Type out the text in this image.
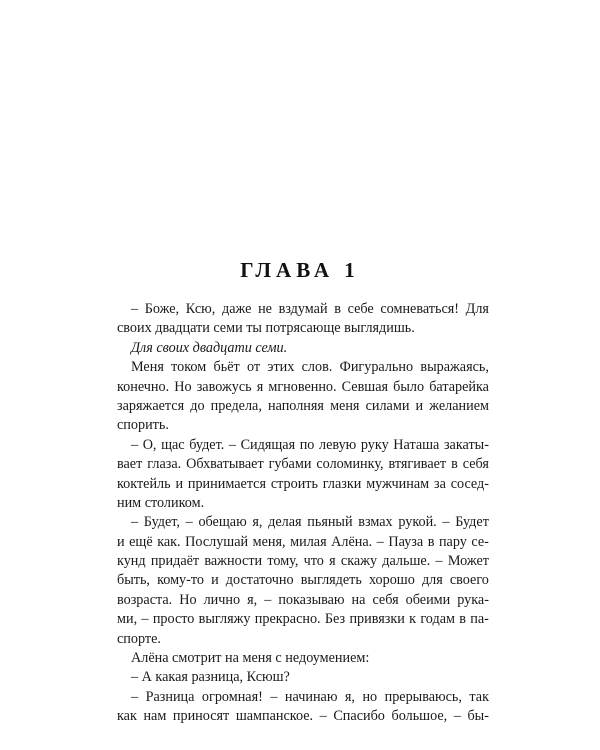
ГЛАВА 1
– Боже, Ксю, даже не вздумай в себе сомневаться! Для
своих двадцати семи ты потрясающе выглядишь.
Для своих двадцати семи.
Меня током бьёт от этих слов. Фигурально выражаясь,
конечно. Но завожусь я мгновенно. Севшая было батарейка
заряжается до предела, наполняя меня силами и желанием
спорить.
– О, щас будет. – Сидящая по левую руку Наташа закаты-
вает глаза. Обхватывает губами соломинку, втягивает в себя
коктейль и принимается строить глазки мужчинам за сосед-
ним столиком.
– Будет, – обещаю я, делая пьяный взмах рукой. – Будет
и ещё как. Послушай меня, милая Алёна. – Пауза в пару се-
кунд придаёт важности тому, что я скажу дальше. – Может
быть, кому-то и достаточно выглядеть хорошо для своего
возраста. Но лично я, – показываю на себя обеими рука-
ми, – просто выгляжу прекрасно. Без привязки к годам в па-
спорте.
Алёна смотрит на меня с недоумением:
– А какая разница, Ксюш?
– Разница огромная! – начинаю я, но прерываюсь, так
как нам приносят шампанское. – Спасибо большое, – бы-
